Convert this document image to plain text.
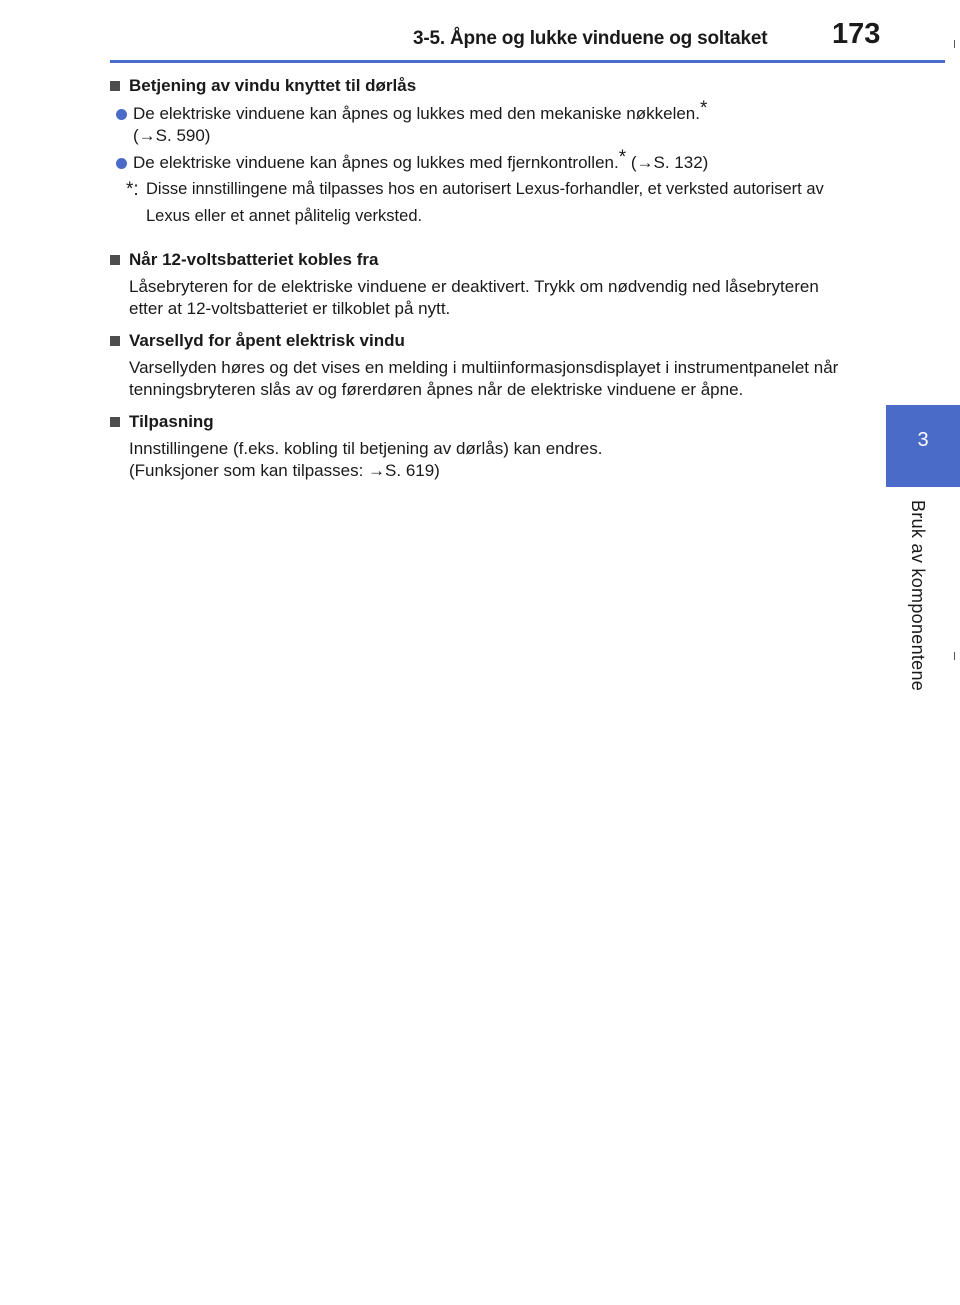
3-5. Åpne og lukke vinduene og soltaket 173
3
Bruk av komponentene
Betjening av vindu knyttet til dørlås
De elektriske vinduene kan åpnes og lukkes med den mekaniske nøkkelen.*
(→S. 590)
De elektriske vinduene kan åpnes og lukkes med fjernkontrollen.* (→S. 132)
*: Disse innstillingene må tilpasses hos en autorisert Lexus-forhandler, et verksted autorisert av Lexus eller et annet pålitelig verksted.
Når 12-voltsbatteriet kobles fra
Låsebryteren for de elektriske vinduene er deaktivert. Trykk om nødvendig ned låsebryteren etter at 12-voltsbatteriet er tilkoblet på nytt.
Varsellyd for åpent elektrisk vindu
Varsellyden høres og det vises en melding i multiinformasjonsdisplayet i instrumentpanelet når tenningsbryteren slås av og førerdøren åpnes når de elektriske vinduene er åpne.
Tilpasning
Innstillingene (f.eks. kobling til betjening av dørlås) kan endres.
(Funksjoner som kan tilpasses: →S. 619)
